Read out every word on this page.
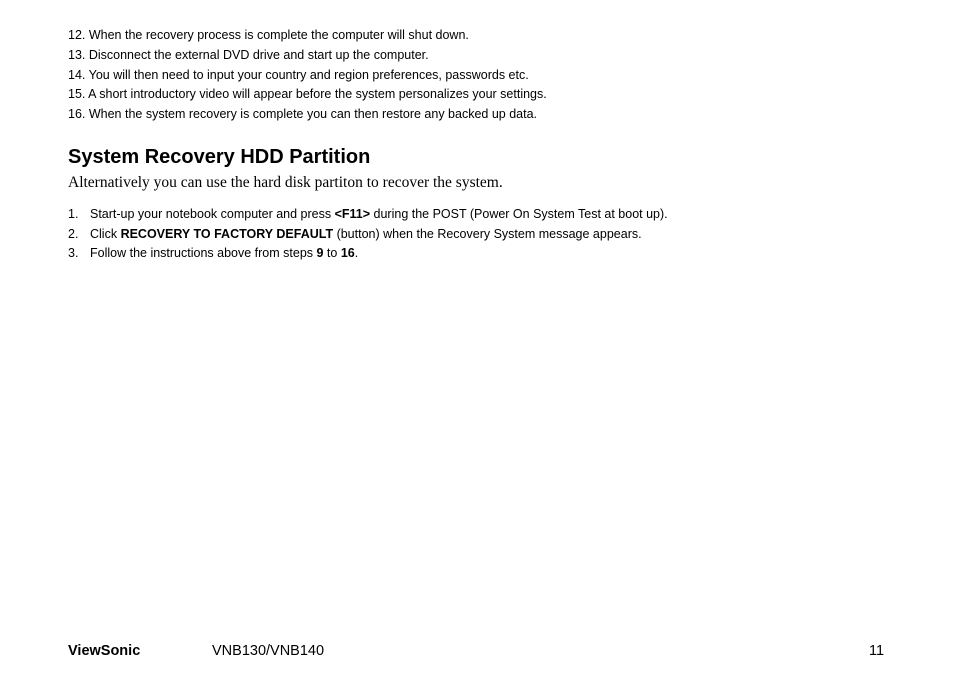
12. When the recovery process is complete the computer will shut down.
13. Disconnect the external DVD drive and start up the computer.
14. You will then need to input your country and region preferences, passwords etc.
15. A short introductory video will appear before the system personalizes your settings.
16. When the system recovery is complete you can then restore any backed up data.
System Recovery HDD Partition

Alternatively you can use the hard disk partiton to recover the system.

1. Start-up your notebook computer and press <F11> during the POST (Power On System Test at boot up).
2. Click RECOVERY TO FACTORY DEFAULT (button) when the Recovery System message appears.
3. Follow the instructions above from steps 9 to 16.
ViewSonic	VNB130/VNB140	11
